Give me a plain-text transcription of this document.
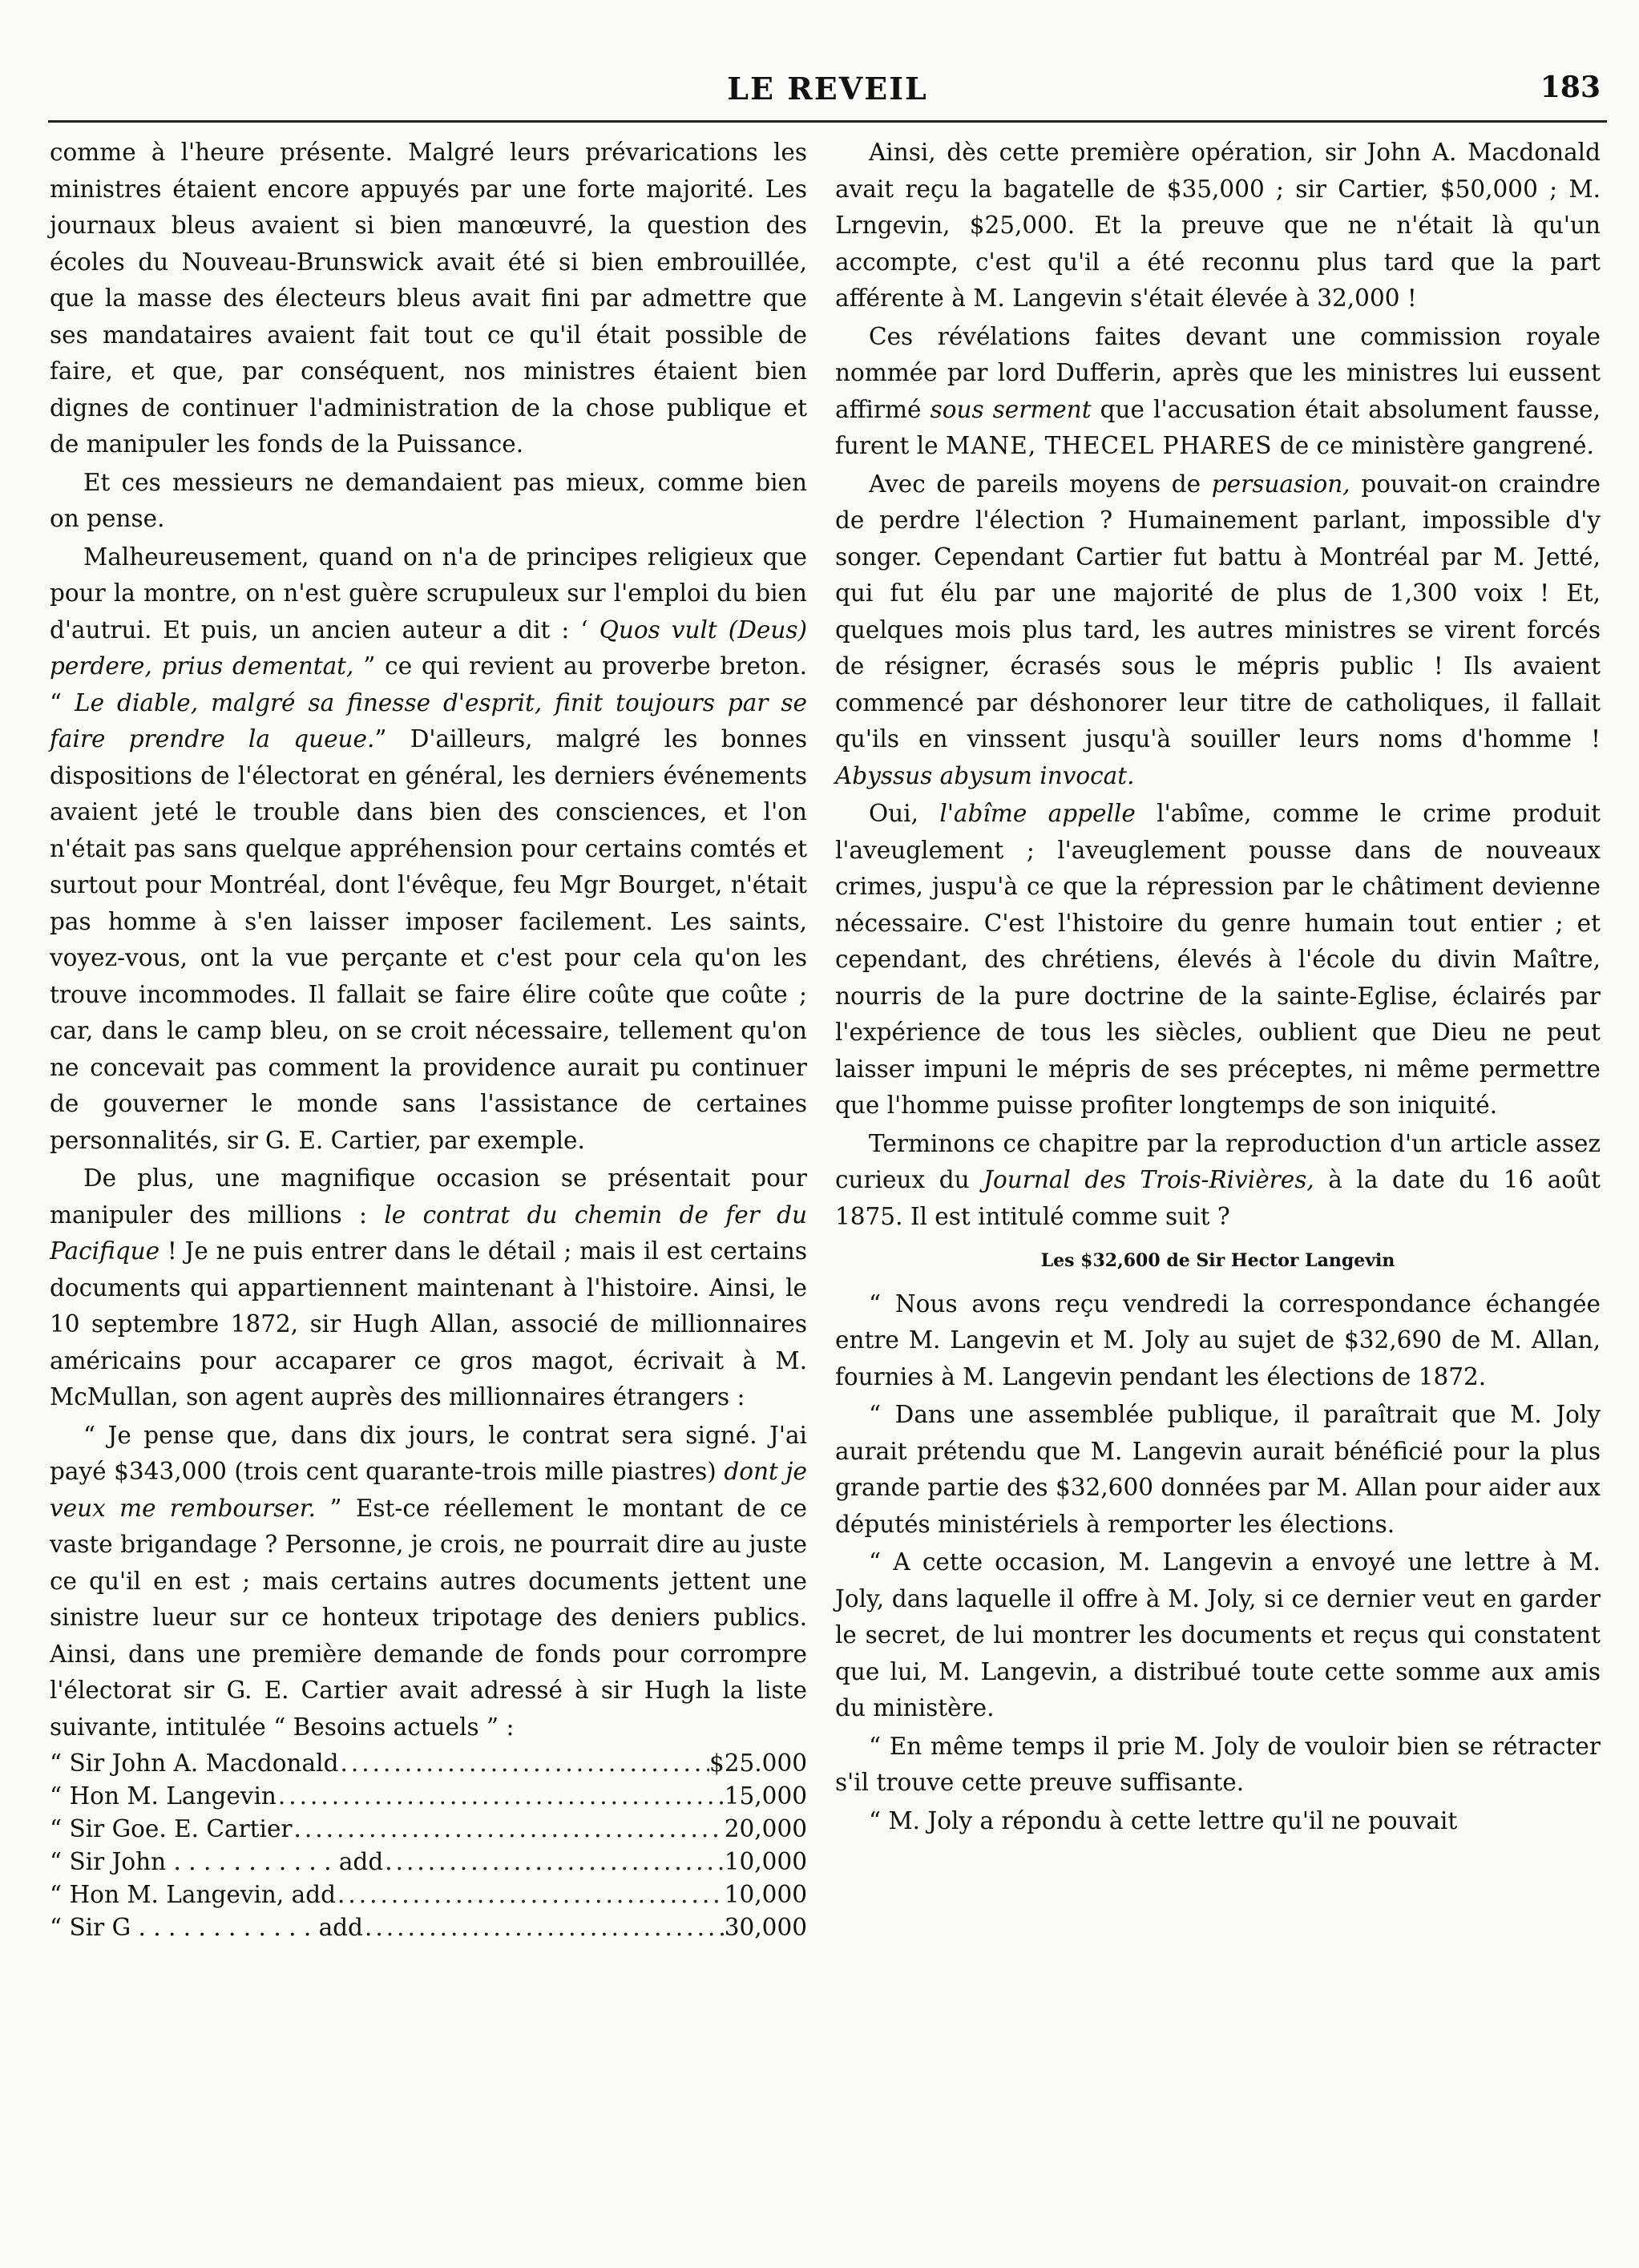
LE REVEIL	183

comme à l'heure présente. Malgré leurs prévarications les ministres étaient encore appuyés par une forte majorité. Les journaux bleus avaient si bien manœuvré, la question des écoles du Nouveau-Brunswick avait été si bien embrouillée, que la masse des électeurs bleus avait fini par admettre que ses mandataires avaient fait tout ce qu'il était possible de faire, et que, par conséquent, nos ministres étaient bien dignes de continuer l'administration de la chose publique et de manipuler les fonds de la Puissance.

Et ces messieurs ne demandaient pas mieux, comme bien on pense.

Malheureusement, quand on n'a de principes religieux que pour la montre, on n'est guère scrupuleux sur l'emploi du bien d'autrui. Et puis, un ancien auteur a dit : ‘ Quos vult (Deus) perdere, prius dementat, ” ce qui revient au proverbe breton. “ Le diable, malgré sa finesse d'esprit, finit toujours par se faire prendre la queue.” D'ailleurs, malgré les bonnes dispositions de l'électorat en général, les derniers événements avaient jeté le trouble dans bien des consciences, et l'on n'était pas sans quelque appréhension pour certains comtés et surtout pour Montréal, dont l'évêque, feu Mgr Bourget, n'était pas homme à s'en laisser imposer facilement. Les saints, voyez-vous, ont la vue perçante et c'est pour cela qu'on les trouve incommodes. Il fallait se faire élire coûte que coûte ; car, dans le camp bleu, on se croit nécessaire, tellement qu'on ne concevait pas comment la providence aurait pu continuer de gouverner le monde sans l'assistance de certaines personnalités, sir G. E. Cartier, par exemple.

De plus, une magnifique occasion se présentait pour manipuler des millions : le contrat du chemin de fer du Pacifique ! Je ne puis entrer dans le détail ; mais il est certains documents qui appartiennent maintenant à l'histoire. Ainsi, le 10 septembre 1872, sir Hugh Allan, associé de millionnaires américains pour accaparer ce gros magot, écrivait à M. McMullan, son agent auprès des millionnaires étrangers :

“ Je pense que, dans dix jours, le contrat sera signé. J'ai payé $343,000 (trois cent quarante-trois mille piastres) dont je veux me rembourser. ” Est-ce réellement le montant de ce vaste brigandage ? Personne, je crois, ne pourrait dire au juste ce qu'il en est ; mais certains autres documents jettent une sinistre lueur sur ce honteux tripotage des deniers publics. Ainsi, dans une première demande de fonds pour corrompre l'électorat sir G. E. Cartier avait adressé à sir Hugh la liste suivante, intitulée “ Besoins actuels ” :

“ Sir John A. Macdonald .....	$25.000
“ Hon M. Langevin .....	15,000
“ Sir Goe. E. Cartier .....	20,000
“ Sir John . . . . . . . . . . . add .....	10,000
“ Hon M. Langevin, add .....	10,000
“ Sir G . . . . . . . . . . . . add .....	30,000

Ainsi, dès cette première opération, sir John A. Macdonald avait reçu la bagatelle de $35,000 ; sir Cartier, $50,000 ; M. Lrngevin, $25,000. Et la preuve que ne n'était là qu'un accompte, c'est qu'il a été reconnu plus tard que la part afférente à M. Langevin s'était élevée à 32,000 !

Ces révélations faites devant une commission royale nommée par lord Dufferin, après que les ministres lui eussent affirmé sous serment que l'accusation était absolument fausse, furent le MANE, THECEL PHARES de ce ministère gangrené.

Avec de pareils moyens de persuasion, pouvait-on craindre de perdre l'élection ? Humainement parlant, impossible d'y songer. Cependant Cartier fut battu à Montréal par M. Jetté, qui fut élu par une majorité de plus de 1,300 voix ! Et, quelques mois plus tard, les autres ministres se virent forcés de résigner, écrasés sous le mépris public ! Ils avaient commencé par déshonorer leur titre de catholiques, il fallait qu'ils en vinssent jusqu'à souiller leurs noms d'homme ! Abyssus abysum invocat.

Oui, l'abîme appelle l'abîme, comme le crime produit l'aveuglement ; l'aveuglement pousse dans de nouveaux crimes, juspu'à ce que la répression par le châtiment devienne nécessaire. C'est l'histoire du genre humain tout entier ; et cependant, des chrétiens, élevés à l'école du divin Maître, nourris de la pure doctrine de la sainte-Eglise, éclairés par l'expérience de tous les siècles, oublient que Dieu ne peut laisser impuni le mépris de ses préceptes, ni même permettre que l'homme puisse profiter longtemps de son iniquité.

Terminons ce chapitre par la reproduction d'un article assez curieux du Journal des Trois-Rivières, à la date du 16 août 1875. Il est intitulé comme suit ?

Les $32,600 de Sir Hector Langevin

“ Nous avons reçu vendredi la correspondance échangée entre M. Langevin et M. Joly au sujet de $32,690 de M. Allan, fournies à M. Langevin pendant les élections de 1872.

“ Dans une assemblée publique, il paraîtrait que M. Joly aurait prétendu que M. Langevin aurait bénéficié pour la plus grande partie des $32,600 données par M. Allan pour aider aux députés ministériels à remporter les élections.

“ A cette occasion, M. Langevin a envoyé une lettre à M. Joly, dans laquelle il offre à M. Joly, si ce dernier veut en garder le secret, de lui montrer les documents et reçus qui constatent que lui, M. Langevin, a distribué toute cette somme aux amis du ministère.

“ En même temps il prie M. Joly de vouloir bien se rétracter s'il trouve cette preuve suffisante.

“ M. Joly a répondu à cette lettre qu'il ne pouvait
